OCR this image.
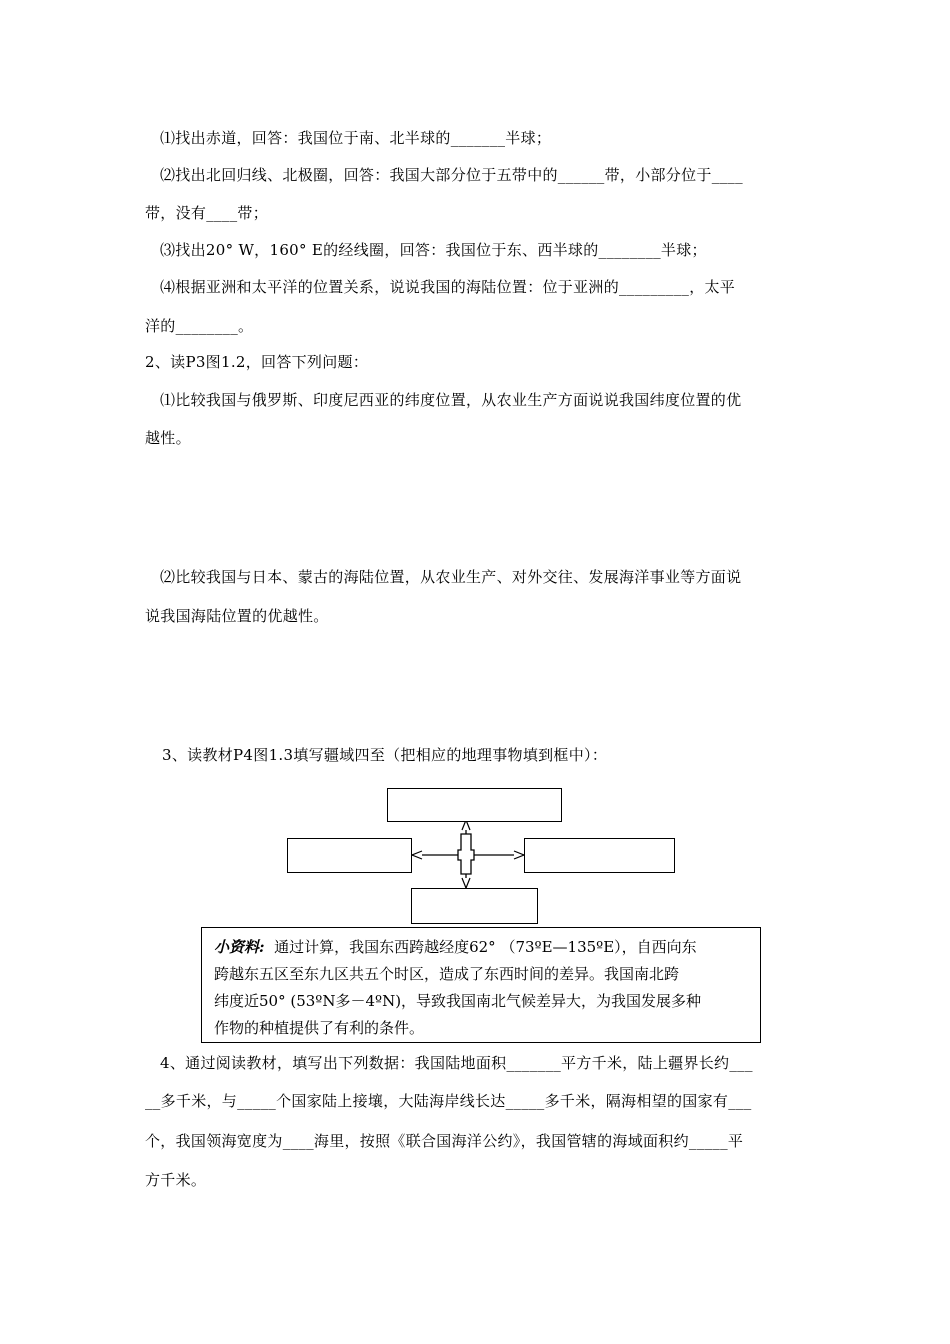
⑴找出赤道，回答：我国位于南、北半球的_______半球；
⑵找出北回归线、北极圈，回答：我国大部分位于五带中的______带，小部分位于____
带，没有____带；
⑶找出20° W，160° E的经线圈，回答：我国位于东、西半球的________半球；
⑷根据亚洲和太平洋的位置关系，说说我国的海陆位置：位于亚洲的_________，太平
洋的________。
2、读P3图1.2，回答下列问题：
⑴比较我国与俄罗斯、印度尼西亚的纬度位置，从农业生产方面说说我国纬度位置的优
越性。
⑵比较我国与日本、蒙古的海陆位置，从农业生产、对外交往、发展海洋事业等方面说
说我国海陆位置的优越性。
3、读教材P4图1.3填写疆域四至（把相应的地理事物填到框中）：
小资料: 通过计算，我国东西跨越经度62° （73ºE—135ºE），自西向东
跨越东五区至东九区共五个时区，造成了东西时间的差异。我国南北跨
纬度近50° (53ºN多－4ºN)，导致我国南北气候差异大，为我国发展多种
作物的种植提供了有利的条件。
4、通过阅读教材，填写出下列数据：我国陆地面积_______平方千米，陆上疆界长约___
__多千米，与_____个国家陆上接壤，大陆海岸线长达_____多千米，隔海相望的国家有___
个，我国领海宽度为____海里，按照《联合国海洋公约》，我国管辖的海域面积约_____平
方千米。
